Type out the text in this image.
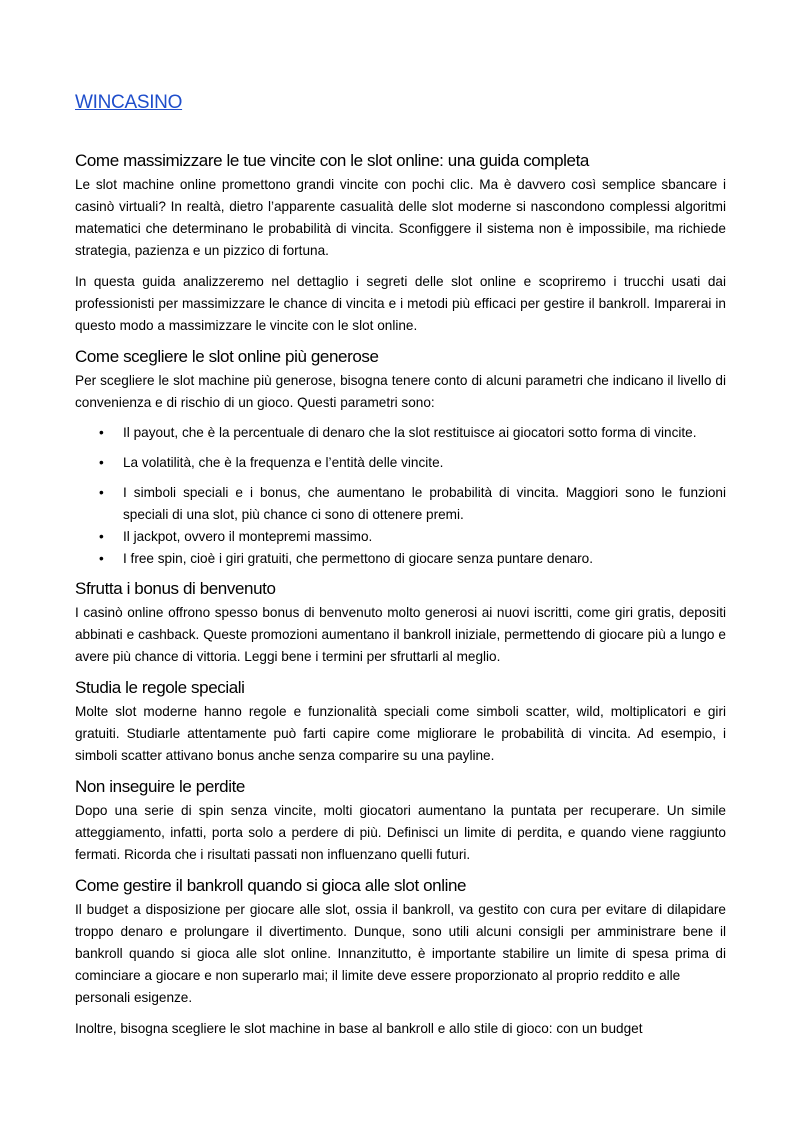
WINCASINO
Come massimizzare le tue vincite con le slot online: una guida completa

Le slot machine online promettono grandi vincite con pochi clic. Ma è davvero così semplice sbancare i casinò virtuali? In realtà, dietro l’apparente casualità delle slot moderne si nascondono complessi algoritmi matematici che determinano le probabilità di vincita. Sconfiggere il sistema non è impossibile, ma richiede strategia, pazienza e un pizzico di fortuna.

In questa guida analizzeremo nel dettaglio i segreti delle slot online e scopriremo i trucchi usati dai professionisti per massimizzare le chance di vincita e i metodi più efficaci per gestire il bankroll. Imparerai in questo modo a massimizzare le vincite con le slot online.

Come scegliere le slot online più generose

Per scegliere le slot machine più generose, bisogna tenere conto di alcuni parametri che indicano il livello di convenienza e di rischio di un gioco. Questi parametri sono:

• Il payout, che è la percentuale di denaro che la slot restituisce ai giocatori sotto forma di vincite.
• La volatilità, che è la frequenza e l’entità delle vincite.
• I simboli speciali e i bonus, che aumentano le probabilità di vincita. Maggiori sono le funzioni speciali di una slot, più chance ci sono di ottenere premi.
• Il jackpot, ovvero il montepremi massimo.
• I free spin, cioè i giri gratuiti, che permettono di giocare senza puntare denaro.
Sfrutta i bonus di benvenuto

I casinò online offrono spesso bonus di benvenuto molto generosi ai nuovi iscritti, come giri gratis, depositi abbinati e cashback. Queste promozioni aumentano il bankroll iniziale, permettendo di giocare più a lungo e avere più chance di vittoria. Leggi bene i termini per sfruttarli al meglio.

Studia le regole speciali

Molte slot moderne hanno regole e funzionalità speciali come simboli scatter, wild, moltiplicatori e giri gratuiti. Studiarle attentamente può farti capire come migliorare le probabilità di vincita. Ad esempio, i simboli scatter attivano bonus anche senza comparire su una payline.

Non inseguire le perdite

Dopo una serie di spin senza vincite, molti giocatori aumentano la puntata per recuperare. Un simile atteggiamento, infatti, porta solo a perdere di più. Definisci un limite di perdita, e quando viene raggiunto fermati. Ricorda che i risultati passati non influenzano quelli futuri.

Come gestire il bankroll quando si gioca alle slot online

Il budget a disposizione per giocare alle slot, ossia il bankroll, va gestito con cura per evitare di dilapidare troppo denaro e prolungare il divertimento. Dunque, sono utili alcuni consigli per amministrare bene il bankroll quando si gioca alle slot online. Innanzitutto, è importante stabilire un limite di spesa prima di cominciare a giocare e non superarlo mai; il limite deve essere proporzionato al proprio reddito e alle

personali esigenze.

Inoltre, bisogna scegliere le slot machine in base al bankroll e allo stile di gioco: con un budget
